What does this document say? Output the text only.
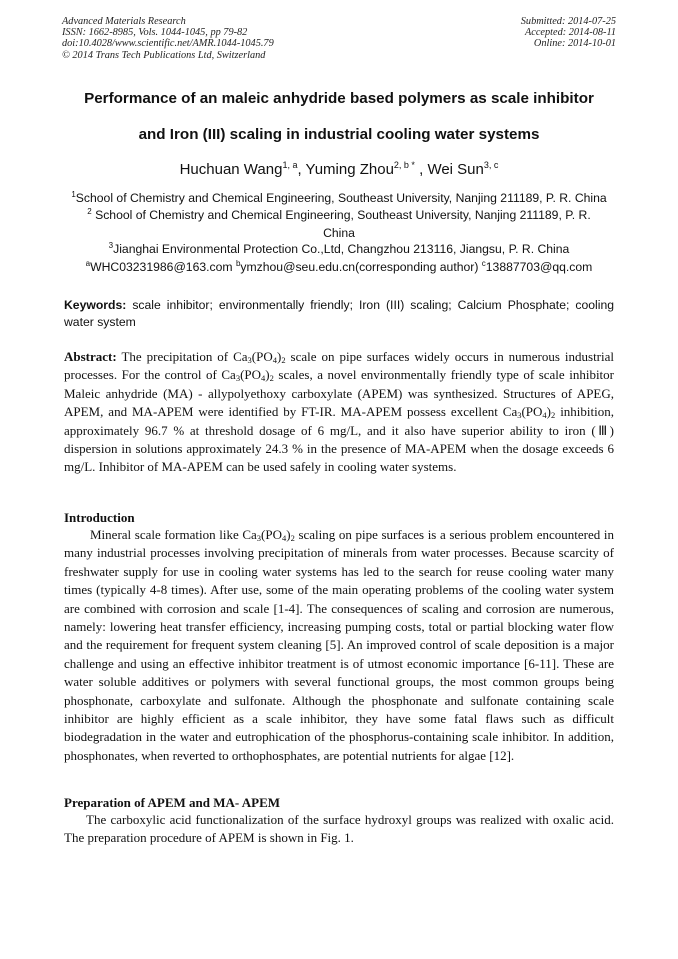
Advanced Materials Research
ISSN: 1662-8985, Vols. 1044-1045, pp 79-82
doi:10.4028/www.scientific.net/AMR.1044-1045.79
© 2014 Trans Tech Publications Ltd, Switzerland
Submitted: 2014-07-25
Accepted: 2014-08-11
Online: 2014-10-01
Performance of an maleic anhydride based polymers as scale inhibitor
and Iron (III) scaling in industrial cooling water systems
Huchuan Wang$^{1, a}$, Yuming Zhou$^{2, b *}$ , Wei Sun$^{3, c}$
$^1$School of Chemistry and Chemical Engineering, Southeast University, Nanjing 211189, P. R. China
$^2$ School of Chemistry and Chemical Engineering, Southeast University, Nanjing 211189, P. R.
China
$^3$Jianghai Environmental Protection Co.,Ltd, Changzhou 213116, Jiangsu, P. R. China
$^a$WHC03231986@163.com $^b$ymzhou@seu.edu.cn(corresponding author) $^c$13887703@qq.com
Keywords: scale inhibitor; environmentally friendly; Iron (III) scaling; Calcium Phosphate; cooling water system
Abstract: The precipitation of $Ca_3(PO_4)_2$ scale on pipe surfaces widely occurs in numerous industrial processes. For the control of $Ca_3(PO_4)_2$ scales, a novel environmentally friendly type of scale inhibitor Maleic anhydride (MA) - allypolyethoxy carboxylate (APEM) was synthesized. Structures of APEG, APEM, and MA-APEM were identified by FT-IR. MA-APEM possess excellent $Ca_3(PO_4)_2$ inhibition, approximately 96.7 % at threshold dosage of 6 mg/L, and it also have superior ability to iron (Ⅲ) dispersion in solutions approximately 24.3 % in the presence of MA-APEM when the dosage exceeds 6 mg/L. Inhibitor of MA-APEM can be used safely in cooling water systems.
Introduction
Mineral scale formation like $Ca_3(PO_4)_2$ scaling on pipe surfaces is a serious problem encountered in many industrial processes involving precipitation of minerals from water processes. Because scarcity of freshwater supply for use in cooling water systems has led to the search for reuse cooling water many times (typically 4-8 times). After use, some of the main operating problems of the cooling water system are combined with corrosion and scale [1-4]. The consequences of scaling and corrosion are numerous, namely: lowering heat transfer efficiency, increasing pumping costs, total or partial blocking water flow and the requirement for frequent system cleaning [5]. An improved control of scale deposition is a major challenge and using an effective inhibitor treatment is of utmost economic importance [6-11]. These are water soluble additives or polymers with several functional groups, the most common groups being phosphonate, carboxylate and sulfonate. Although the phosphonate and sulfonate containing scale inhibitor are highly efficient as a scale inhibitor, they have some fatal flaws such as difficult biodegradation in the water and eutrophication of the phosphorus-containing scale inhibitor. In addition, phosphonates, when reverted to orthophosphates, are potential nutrients for algae [12].
Preparation of APEM and MA- APEM
The carboxylic acid functionalization of the surface hydroxyl groups was realized with oxalic acid. The preparation procedure of APEM is shown in Fig. 1.
